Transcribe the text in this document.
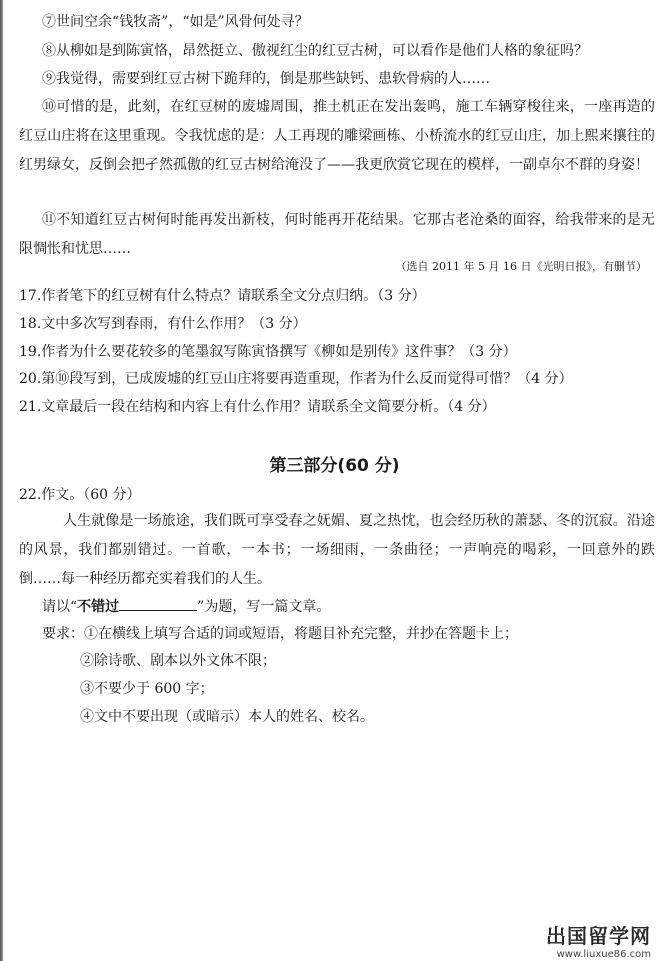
⑦世间空余“钱牧斋”，“如是”风骨何处寻？
⑧从柳如是到陈寅恪，昂然挺立、傲视红尘的红豆古树，可以看作是他们人格的象征吗？
⑨我觉得，需要到红豆古树下跪拜的，倒是那些缺钙、患软骨病的人……
⑩可惜的是，此刻，在红豆树的废墟周围，推土机正在发出轰鸣，施工车辆穿梭往来，一座再造的红豆山庄将在这里重现。令我忧虑的是：人工再现的雕梁画栋、小桥流水的红豆山庄，加上熙来攘往的红男绿女，反倒会把孑然孤傲的红豆古树给淹没了——我更欣赏它现在的模样，一副卓尔不群的身姿！
⑪不知道红豆古树何时能再发出新枝，何时能再开花结果。它那古老沧桑的面容，给我带来的是无限惆怅和忧思……
（选自 2011 年 5 月 16 日《光明日报》，有删节）
17.作者笔下的红豆树有什么特点？请联系全文分点归纳。（3 分）
18.文中多次写到春雨，有什么作用？（3 分）
19.作者为什么要花较多的笔墨叙写陈寅恪撰写《柳如是别传》这件事？（3 分）
20.第⑩段写到，已成废墟的红豆山庄将要再造重现，作者为什么反而觉得可惜？（4 分）
21.文章最后一段在结构和内容上有什么作用？请联系全文简要分析。（4 分）
第三部分(60 分)
22.作文。（60 分）
人生就像是一场旅途，我们既可享受春之妩媚、夏之热忱，也会经历秋的萧瑟、冬的沉寂。沿途的风景，我们都别错过。一首歌，一本书；一场细雨，一条曲径；一声响亮的喝彩，一回意外的跌倒……每一种经历都充实着我们的人生。
请以“不错过	”为题，写一篇文章。
要求：①在横线上填写合适的词或短语，将题目补充完整，并抄在答题卡上；
②除诗歌、剧本以外文体不限；
③不要少于 600 字；
④文中不要出现（或暗示）本人的姓名、校名。
出国留学网
www.liuxue86.com
